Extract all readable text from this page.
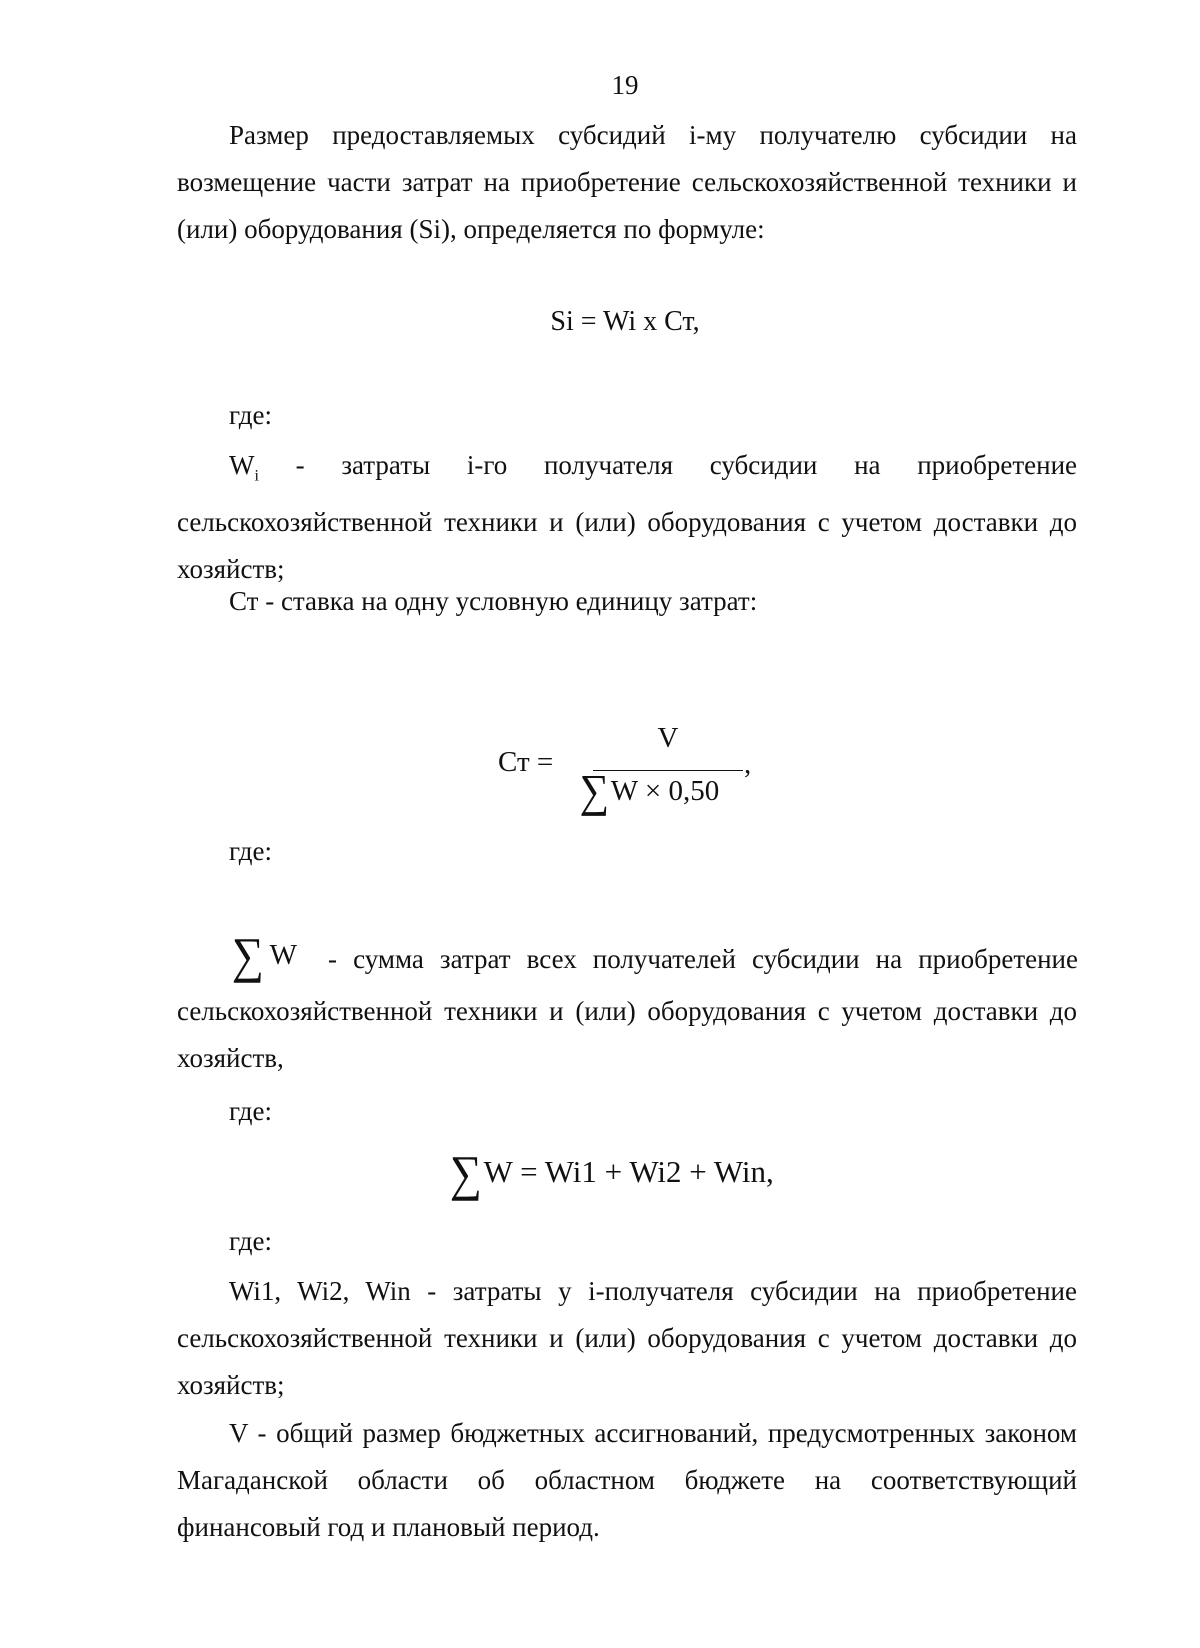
19

Размер предоставляемых субсидий i-му получателю субсидии на возмещение части затрат на приобретение сельскохозяйственной техники и (или) оборудования (Si), определяется по формуле:

Si = Wi x Ст,

где:

$W_i$ - затраты i-го получателя субсидии на приобретение сельскохозяйственной техники и (или) оборудования с учетом доставки до хозяйств;

Ст - ставка на одну условную единицу затрат:

Ст =
V
∑W × 0,50
,

где:

∑ W - сумма затрат всех получателей субсидии на приобретение

сельскохозяйственной техники и (или) оборудования с учетом доставки до хозяйств,

где:

∑W = Wi1 + Wi2 + Win,

где:

Wi1, Wi2, Win - затраты у i-получателя субсидии на приобретение сельскохозяйственной техники и (или) оборудования с учетом доставки до хозяйств;

V - общий размер бюджетных ассигнований, предусмотренных законом Магаданской области об областном бюджете на соответствующий финансовый год и плановый период.
